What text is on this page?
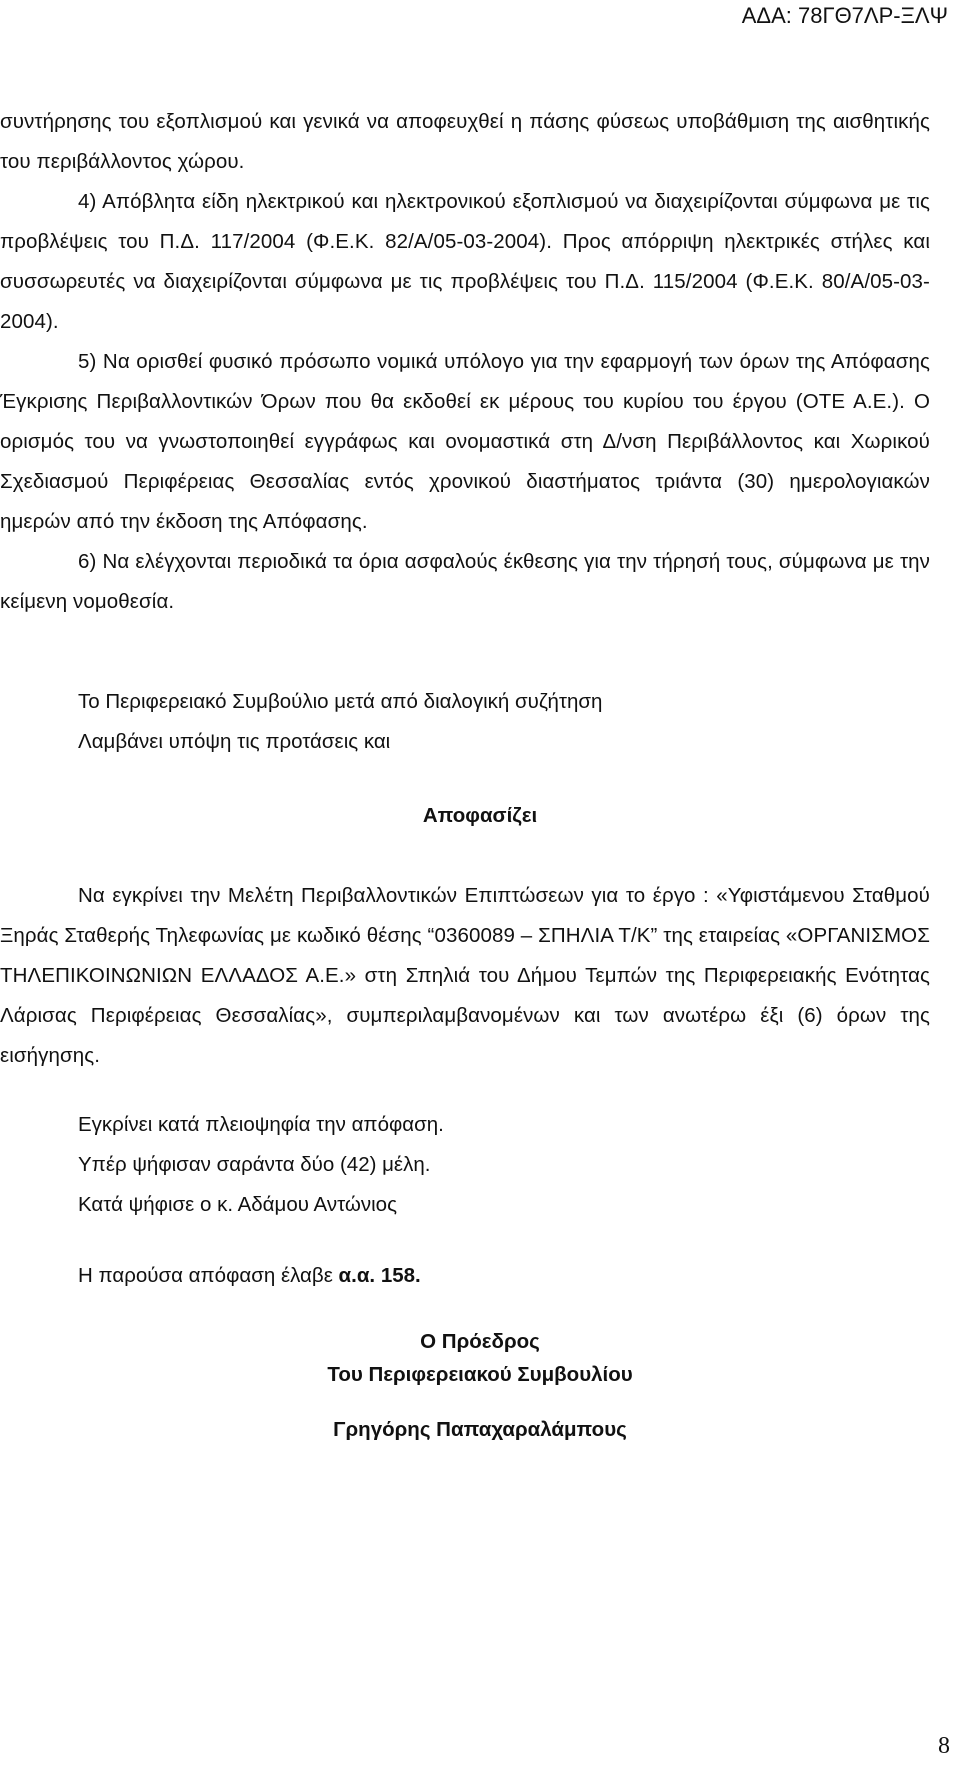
ΑΔΑ: 78ΓΘ7ΛΡ-ΞΛΨ

συντήρησης του εξοπλισμού και γενικά να αποφευχθεί η πάσης φύσεως υποβάθμιση της αισθητικής του περιβάλλοντος χώρου.

4) Απόβλητα είδη ηλεκτρικού και ηλεκτρονικού εξοπλισμού να διαχειρίζονται σύμφωνα με τις προβλέψεις του Π.Δ. 117/2004 (Φ.Ε.Κ. 82/Α/05-03-2004). Προς απόρριψη ηλεκτρικές στήλες και συσσωρευτές να διαχειρίζονται σύμφωνα με τις προβλέψεις του Π.Δ. 115/2004 (Φ.Ε.Κ. 80/Α/05-03-2004).

5) Να ορισθεί φυσικό πρόσωπο νομικά υπόλογο για την εφαρμογή των όρων της Απόφασης Έγκρισης Περιβαλλοντικών Όρων που θα εκδοθεί εκ μέρους του κυρίου του έργου (ΟΤΕ Α.Ε.). Ο ορισμός του να γνωστοποιηθεί εγγράφως και ονομαστικά στη Δ/νση Περιβάλλοντος και Χωρικού Σχεδιασμού Περιφέρειας Θεσσαλίας εντός χρονικού διαστήματος τριάντα (30) ημερολογιακών ημερών από την έκδοση της Απόφασης.

6) Να ελέγχονται περιοδικά τα όρια ασφαλούς έκθεσης για την τήρησή τους, σύμφωνα με την κείμενη νομοθεσία.

Το Περιφερειακό Συμβούλιο μετά από διαλογική συζήτηση
Λαμβάνει υπόψη τις προτάσεις και
Αποφασίζει

Να εγκρίνει την Μελέτη Περιβαλλοντικών Επιπτώσεων για το έργο : «Υφιστάμενου Σταθμού Ξηράς Σταθερής Τηλεφωνίας με κωδικό θέσης “0360089 – ΣΠΗΛΙΑ Τ/Κ” της εταιρείας «ΟΡΓΑΝΙΣΜΟΣ ΤΗΛΕΠΙΚΟΙΝΩΝΙΩΝ ΕΛΛΑΔΟΣ Α.Ε.» στη Σπηλιά του Δήμου Τεμπών της Περιφερειακής Ενότητας Λάρισας Περιφέρειας Θεσσαλίας», συμπεριλαμβανομένων και των ανωτέρω έξι (6) όρων της εισήγησης.

Εγκρίνει κατά πλειοψηφία την απόφαση.
Υπέρ ψήφισαν σαράντα δύο (42) μέλη.
Κατά ψήφισε ο κ. Αδάμου Αντώνιος
Η παρούσα απόφαση έλαβε α.α. 158.
Ο Πρόεδρος
Του Περιφερειακού Συμβουλίου
Γρηγόρης Παπαχαραλάμπους
8
